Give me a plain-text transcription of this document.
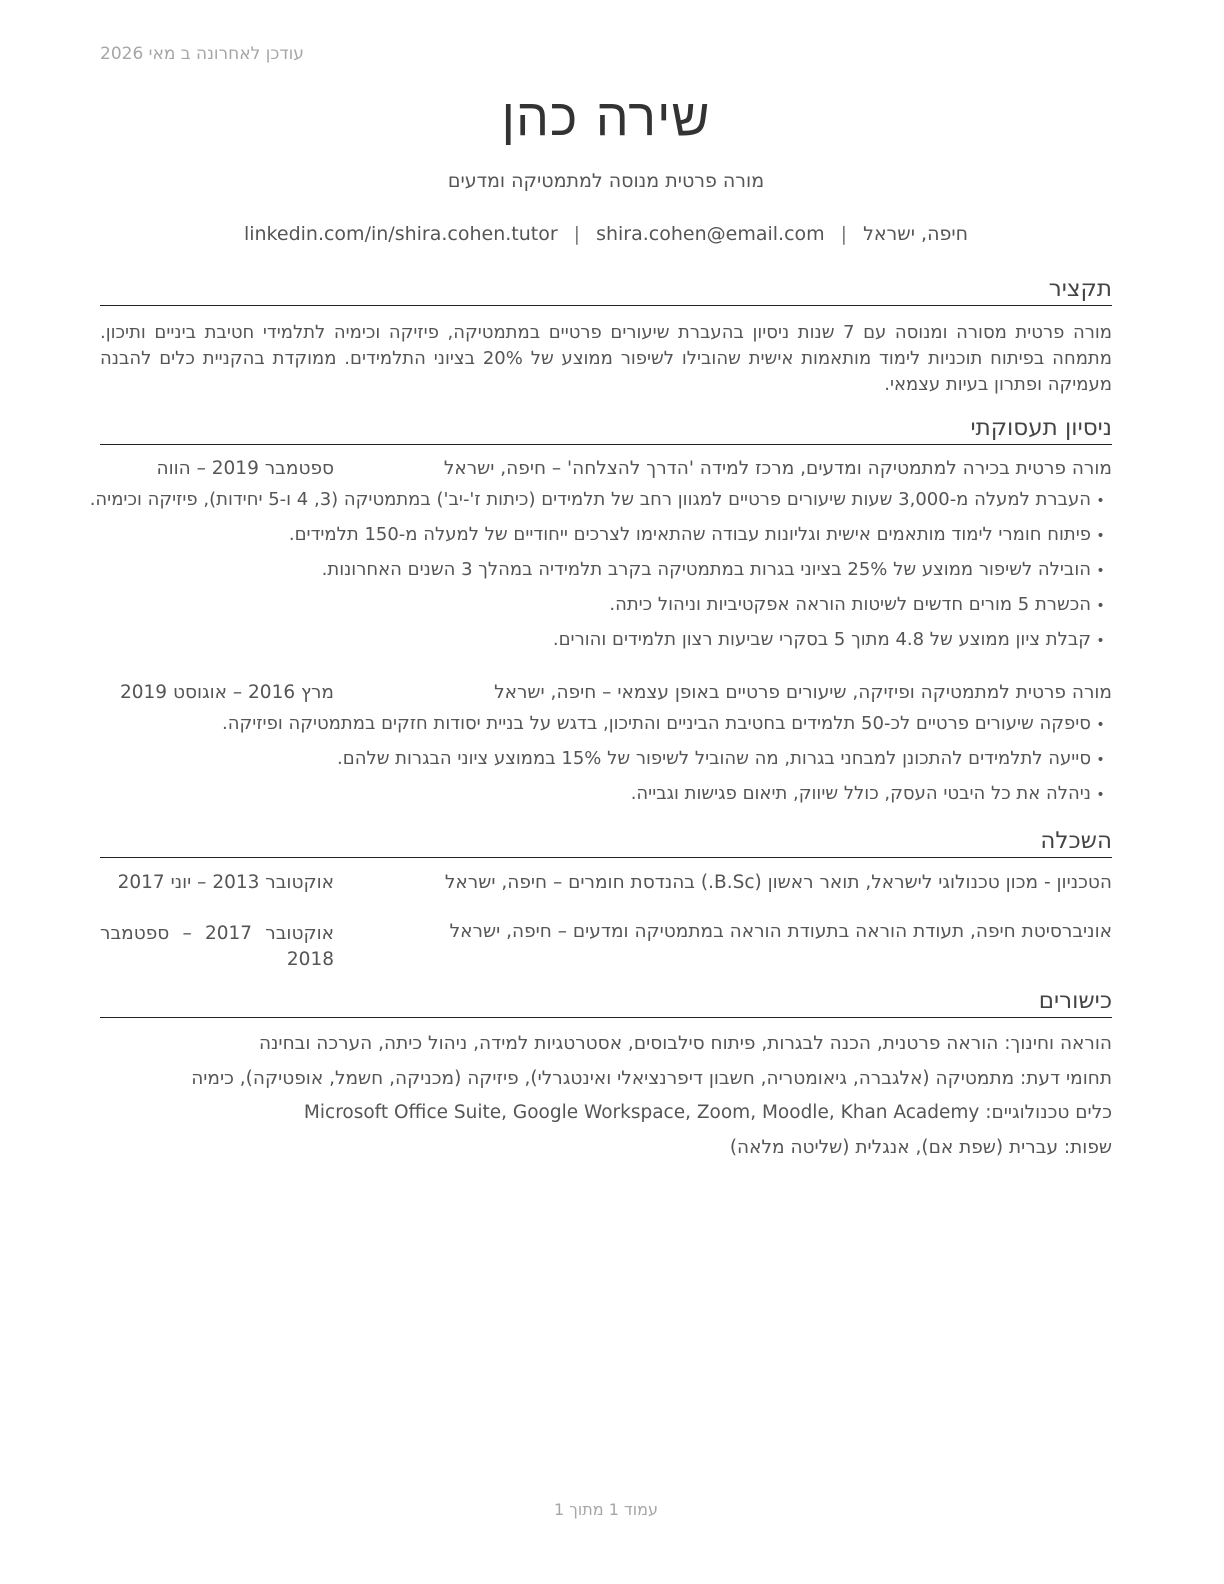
עודכן לאחרונה ב מאי 2026
שירה כהן
מורה פרטית מנוסה למתמטיקה ומדעים
חיפה, ישראל|shira.cohen@email.com|linkedin.com/in/shira.cohen.tutor
תקציר
מורה פרטית מסורה ומנוסה עם 7 שנות ניסיון בהעברת שיעורים פרטיים במתמטיקה, פיזיקה וכימיה לתלמידי חטיבת ביניים ותיכון. מתמחה בפיתוח תוכניות לימוד מותאמות אישית שהובילו לשיפור ממוצע של 20% בציוני התלמידים. ממוקדת בהקניית כלים להבנה מעמיקה ופתרון בעיות עצמאי.
ניסיון תעסוקתי
מורה פרטית בכירה למתמטיקה ומדעים, מרכז למידה 'הדרך להצלחה' – חיפה, ישראל
ספטמבר 2019 – הווה
•העברת למעלה מ-3,000 שעות שיעורים פרטיים למגוון רחב של תלמידים (כיתות ז'-יב') במתמטיקה (3, 4 ו-5 יחידות), פיזיקה וכימיה.
•פיתוח חומרי לימוד מותאמים אישית וגליונות עבודה שהתאימו לצרכים ייחודיים של למעלה מ-150 תלמידים.
•הובילה לשיפור ממוצע של 25% בציוני בגרות במתמטיקה בקרב תלמידיה במהלך 3 השנים האחרונות.
•הכשרת 5 מורים חדשים לשיטות הוראה אפקטיביות וניהול כיתה.
•קבלת ציון ממוצע של 4.8 מתוך 5 בסקרי שביעות רצון תלמידים והורים.
מורה פרטית למתמטיקה ופיזיקה, שיעורים פרטיים באופן עצמאי – חיפה, ישראל
מרץ 2016 – אוגוסט 2019
•סיפקה שיעורים פרטיים לכ-50 תלמידים בחטיבת הביניים והתיכון, בדגש על בניית יסודות חזקים במתמטיקה ופיזיקה.
•סייעה לתלמידים להתכונן למבחני בגרות, מה שהוביל לשיפור של 15% בממוצע ציוני הבגרות שלהם.
•ניהלה את כל היבטי העסק, כולל שיווק, תיאום פגישות וגבייה.
השכלה
הטכניון - מכון טכנולוגי לישראל, תואר ראשון (B.Sc.) בהנדסת חומרים – חיפה, ישראל
אוקטובר 2013 – יוני 2017
אוניברסיטת חיפה, תעודת הוראה בתעודת הוראה במתמטיקה ומדעים – חיפה, ישראל
אוקטובר 2017 – ספטמבר 2018
כישורים
הוראה וחינוך: הוראה פרטנית, הכנה לבגרות, פיתוח סילבוסים, אסטרטגיות למידה, ניהול כיתה, הערכה ובחינה
תחומי דעת: מתמטיקה (אלגברה, גיאומטריה, חשבון דיפרנציאלי ואינטגרלי), פיזיקה (מכניקה, חשמל, אופטיקה), כימיה
כלים טכנולוגיים: Microsoft Office Suite, Google Workspace, Zoom, Moodle, Khan Academy
שפות: עברית (שפת אם), אנגלית (שליטה מלאה)
עמוד 1 מתוך 1
